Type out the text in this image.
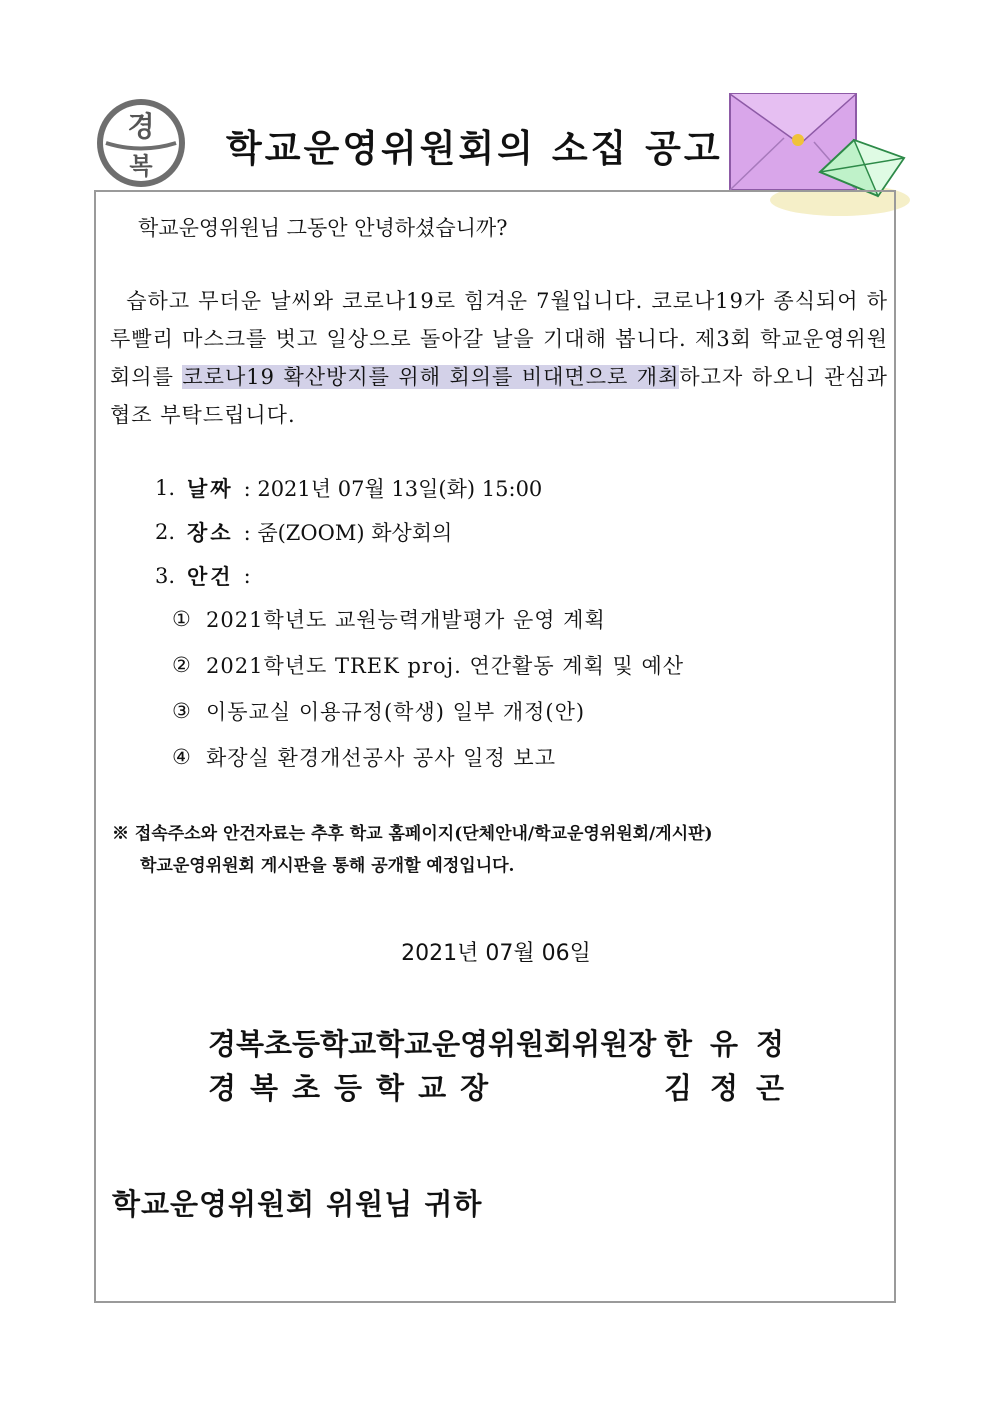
경
복 학교운영위원회의 소집 공고
학교운영위원님 그동안 안녕하셨습니까?
습하고 무더운 날씨와 코로나19로 힘겨운 7월입니다. 코로나19가 종식되어 하루빨리 마스크를 벗고 일상으로 돌아갈 날을 기대해 봅니다. 제3회 학교운영위원회의를 코로나19 확산방지를 위해 회의를 비대면으로 개최하고자 하오니 관심과 협조 부탁드립니다.
1. 날짜 : 2021년 07월 13일(화) 15:00
2. 장소 : 줌(ZOOM) 화상회의
3. 안건 :
① 2021학년도 교원능력개발평가 운영 계획
② 2021학년도 TREK proj. 연간활동 계획 및 예산
③ 이동교실 이용규정(학생) 일부 개정(안)
④ 화장실 환경개선공사 공사 일정 보고
※ 접속주소와 안건자료는 추후 학교 홈페이지(단체안내/학교운영위원회/게시판)
학교운영위원회 게시판을 통해 공개할 예정입니다.
2021년 07월 06일
경복초등학교학교운영위원회위원장 한유정
경복초등학교장	김정곤
학교운영위원회 위원님 귀하
